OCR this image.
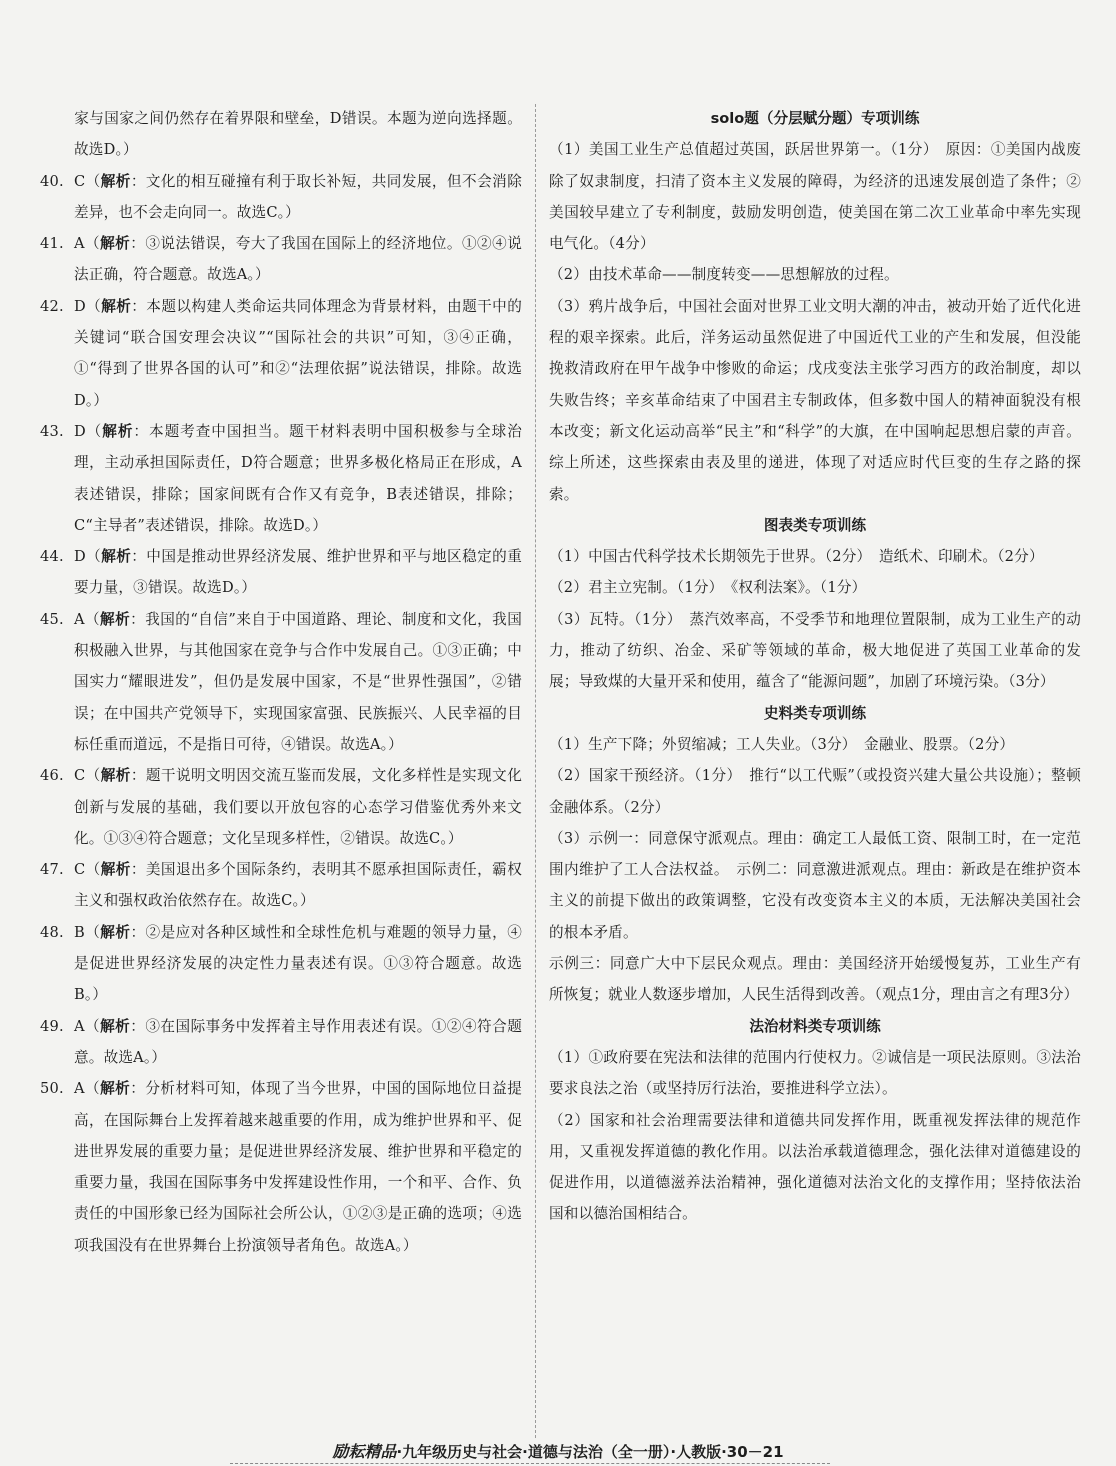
家与国家之间仍然存在着界限和壁垒，D错误。本题为逆向选择题。故选D。）

40. C（解析：文化的相互碰撞有利于取长补短，共同发展，但不会消除差异，也不会走向同一。故选C。）

41. A（解析：③说法错误，夸大了我国在国际上的经济地位。①②④说法正确，符合题意。故选A。）

42. D（解析：本题以构建人类命运共同体理念为背景材料，由题干中的关键词“联合国安理会决议”“国际社会的共识”可知，③④正确，①“得到了世界各国的认可”和②“法理依据”说法错误，排除。故选D。）

43. D（解析：本题考查中国担当。题干材料表明中国积极参与全球治理，主动承担国际责任，D符合题意；世界多极化格局正在形成，A表述错误，排除；国家间既有合作又有竞争，B表述错误，排除；C“主导者”表述错误，排除。故选D。）

44. D（解析：中国是推动世界经济发展、维护世界和平与地区稳定的重要力量，③错误。故选D。）

45. A（解析：我国的“自信”来自于中国道路、理论、制度和文化，我国积极融入世界，与其他国家在竞争与合作中发展自己。①③正确；中国实力“耀眼进发”，但仍是发展中国家，不是“世界性强国”，②错误；在中国共产党领导下，实现国家富强、民族振兴、人民幸福的目标任重而道远，不是指日可待，④错误。故选A。）

46. C（解析：题干说明文明因交流互鉴而发展，文化多样性是实现文化创新与发展的基础，我们要以开放包容的心态学习借鉴优秀外来文化。①③④符合题意；文化呈现多样性，②错误。故选C。）

47. C（解析：美国退出多个国际条约，表明其不愿承担国际责任，霸权主义和强权政治依然存在。故选C。）

48. B（解析：②是应对各种区域性和全球性危机与难题的领导力量，④是促进世界经济发展的决定性力量表述有误。①③符合题意。故选B。）

49. A（解析：③在国际事务中发挥着主导作用表述有误。①②④符合题意。故选A。）

50. A（解析：分析材料可知，体现了当今世界，中国的国际地位日益提高，在国际舞台上发挥着越来越重要的作用，成为维护世界和平、促进世界发展的重要力量；是促进世界经济发展、维护世界和平稳定的重要力量，我国在国际事务中发挥建设性作用，一个和平、合作、负责任的中国形象已经为国际社会所公认，①②③是正确的选项；④选项我国没有在世界舞台上扮演领导者角色。故选A。）

solo题（分层赋分题）专项训练

（1）美国工业生产总值超过英国，跃居世界第一。（1分）　原因：①美国内战废除了奴隶制度，扫清了资本主义发展的障碍，为经济的迅速发展创造了条件；②美国较早建立了专利制度，鼓励发明创造，使美国在第二次工业革命中率先实现电气化。（4分）

（2）由技术革命——制度转变——思想解放的过程。

（3）鸦片战争后，中国社会面对世界工业文明大潮的冲击，被动开始了近代化进程的艰辛探索。此后，洋务运动虽然促进了中国近代工业的产生和发展，但没能挽救清政府在甲午战争中惨败的命运；戊戌变法主张学习西方的政治制度，却以失败告终；辛亥革命结束了中国君主专制政体，但多数中国人的精神面貌没有根本改变；新文化运动高举“民主”和“科学”的大旗，在中国响起思想启蒙的声音。综上所述，这些探索由表及里的递进，体现了对适应时代巨变的生存之路的探索。

图表类专项训练

（1）中国古代科学技术长期领先于世界。（2分）　造纸术、印刷术。（2分）

（2）君主立宪制。（1分）　《权利法案》。（1分）

（3）瓦特。（1分）　蒸汽效率高，不受季节和地理位置限制，成为工业生产的动力，推动了纺织、冶金、采矿等领域的革命，极大地促进了英国工业革命的发展；导致煤的大量开采和使用，蕴含了“能源问题”，加剧了环境污染。（3分）

史料类专项训练

（1）生产下降；外贸缩减；工人失业。（3分）　金融业、股票。（2分）

（2）国家干预经济。（1分）　推行“以工代赈”（或投资兴建大量公共设施）；整顿金融体系。（2分）

（3）示例一：同意保守派观点。理由：确定工人最低工资、限制工时，在一定范围内维护了工人合法权益。　示例二：同意激进派观点。理由：新政是在维护资本主义的前提下做出的政策调整，它没有改变资本主义的本质，无法解决美国社会的根本矛盾。

示例三：同意广大中下层民众观点。理由：美国经济开始缓慢复苏，工业生产有所恢复；就业人数逐步增加，人民生活得到改善。（观点1分，理由言之有理3分）

法治材料类专项训练

（1）①政府要在宪法和法律的范围内行使权力。②诚信是一项民法原则。③法治要求良法之治（或坚持厉行法治，要推进科学立法）。

（2）国家和社会治理需要法律和道德共同发挥作用，既重视发挥法律的规范作用，又重视发挥道德的教化作用。以法治承载道德理念，强化法律对道德建设的促进作用，以道德滋养法治精神，强化道德对法治文化的支撑作用；坚持依法治国和以德治国相结合。

励耘精品·九年级历史与社会·道德与法治（全一册）·人教版·30－21
